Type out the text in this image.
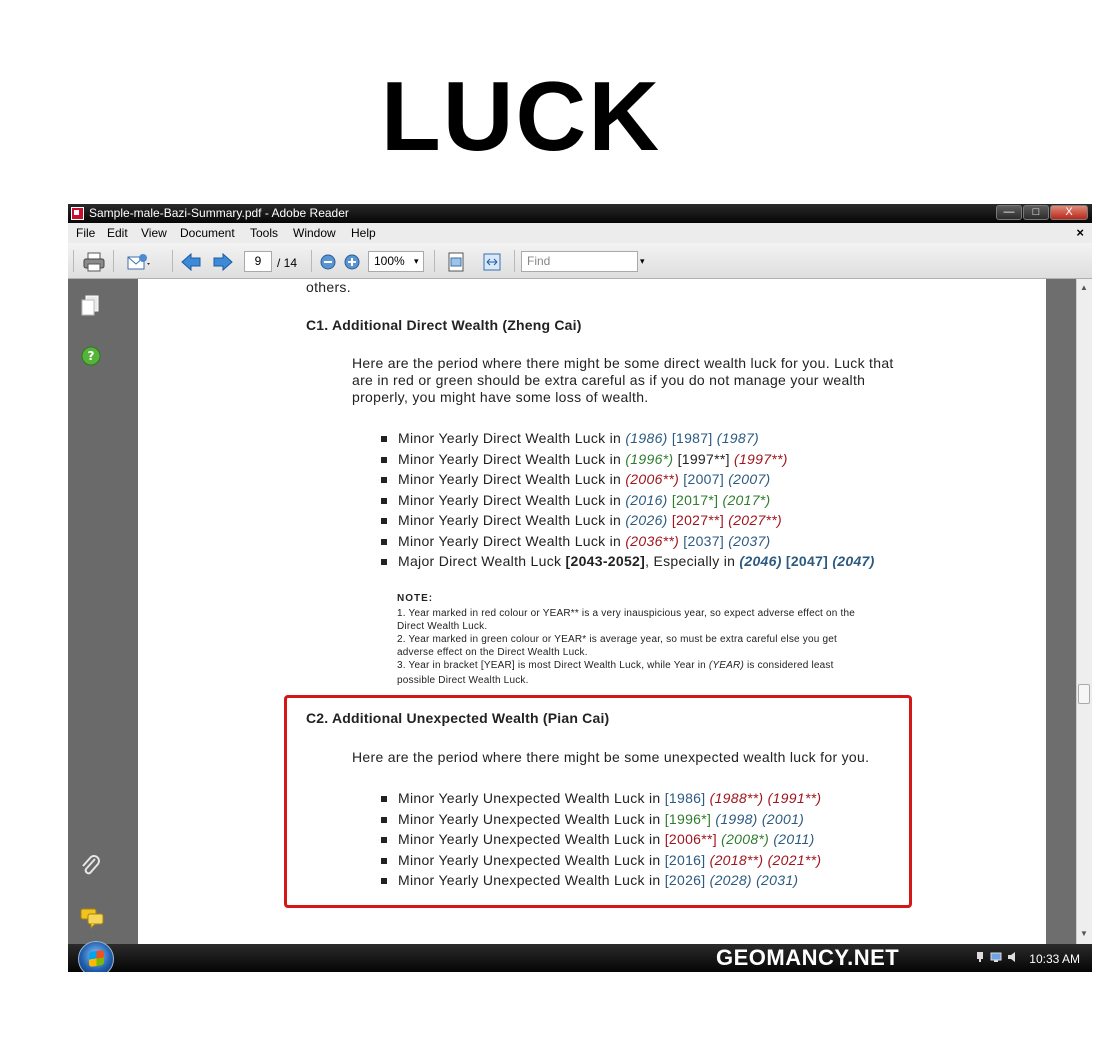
LUCK
Sample-male-Bazi-Summary.pdf - Adobe Reader	—	□	X
File Edit View Document Tools Window Help	×
9	/ 14	100%	▾	Find	▾
?
others.
C1. Additional Direct Wealth (Zheng Cai)
Here are the period where there might be some direct wealth luck for you. Luck that
are in red or green should be extra careful as if you do not manage your wealth
properly, you might have some loss of wealth.
Minor Yearly Direct Wealth Luck in (1986) [1987] (1987)
Minor Yearly Direct Wealth Luck in (1996*) [1997**] (1997**)
Minor Yearly Direct Wealth Luck in (2006**) [2007] (2007)
Minor Yearly Direct Wealth Luck in (2016) [2017*] (2017*)
Minor Yearly Direct Wealth Luck in (2026) [2027**] (2027**)
Minor Yearly Direct Wealth Luck in (2036**) [2037] (2037)
Major Direct Wealth Luck [2043-2052], Especially in (2046) [2047] (2047)
NOTE:
1. Year marked in red colour or YEAR** is a very inauspicious year, so expect adverse effect on the
Direct Wealth Luck.
2. Year marked in green colour or YEAR* is average year, so must be extra careful else you get
adverse effect on the Direct Wealth Luck.
3. Year in bracket [YEAR] is most Direct Wealth Luck, while Year in (YEAR) is considered least
possible Direct Wealth Luck.
C2. Additional Unexpected Wealth (Pian Cai)
Here are the period where there might be some unexpected wealth luck for you.
Minor Yearly Unexpected Wealth Luck in [1986] (1988**) (1991**)
Minor Yearly Unexpected Wealth Luck in [1996*] (1998) (2001)
Minor Yearly Unexpected Wealth Luck in [2006**] (2008*) (2011)
Minor Yearly Unexpected Wealth Luck in [2016] (2018**) (2021**)
Minor Yearly Unexpected Wealth Luck in [2026] (2028) (2031)
▲
▼
GEOMANCY.NET	10:33 AM
